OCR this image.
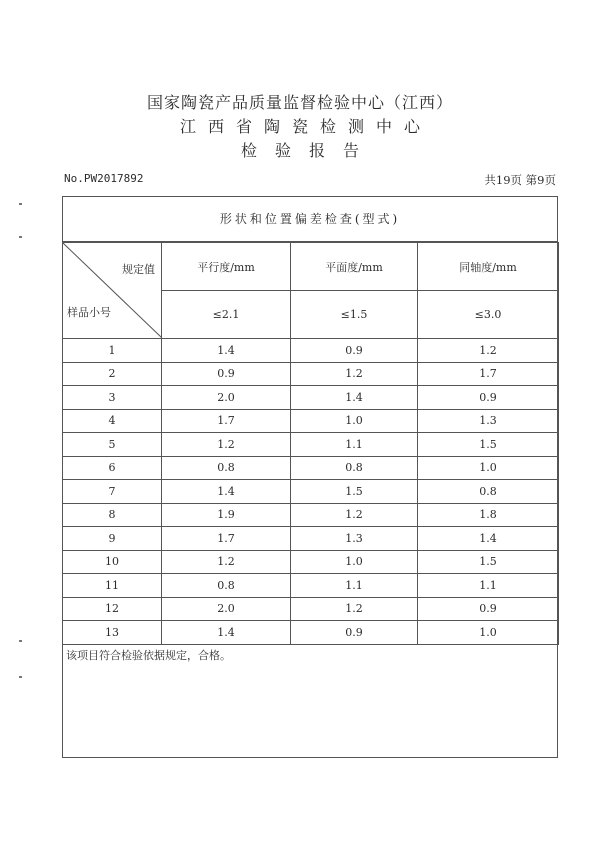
国家陶瓷产品质量监督检验中心（江西）
江西省陶瓷检测中心
检验报告
No.PW2017892	共19页 第9页
形状和位置偏差检查(型式)
规定值
样品小号	平行度/mm	平面度/mm	同轴度/mm
	≤2.1	≤1.5	≤3.0
1	1.4	0.9	1.2
2	0.9	1.2	1.7
3	2.0	1.4	0.9
4	1.7	1.0	1.3
5	1.2	1.1	1.5
6	0.8	0.8	1.0
7	1.4	1.5	0.8
8	1.9	1.2	1.8
9	1.7	1.3	1.4
10	1.2	1.0	1.5
11	0.8	1.1	1.1
12	2.0	1.2	0.9
13	1.4	0.9	1.0
该项目符合检验依据规定，合格。
